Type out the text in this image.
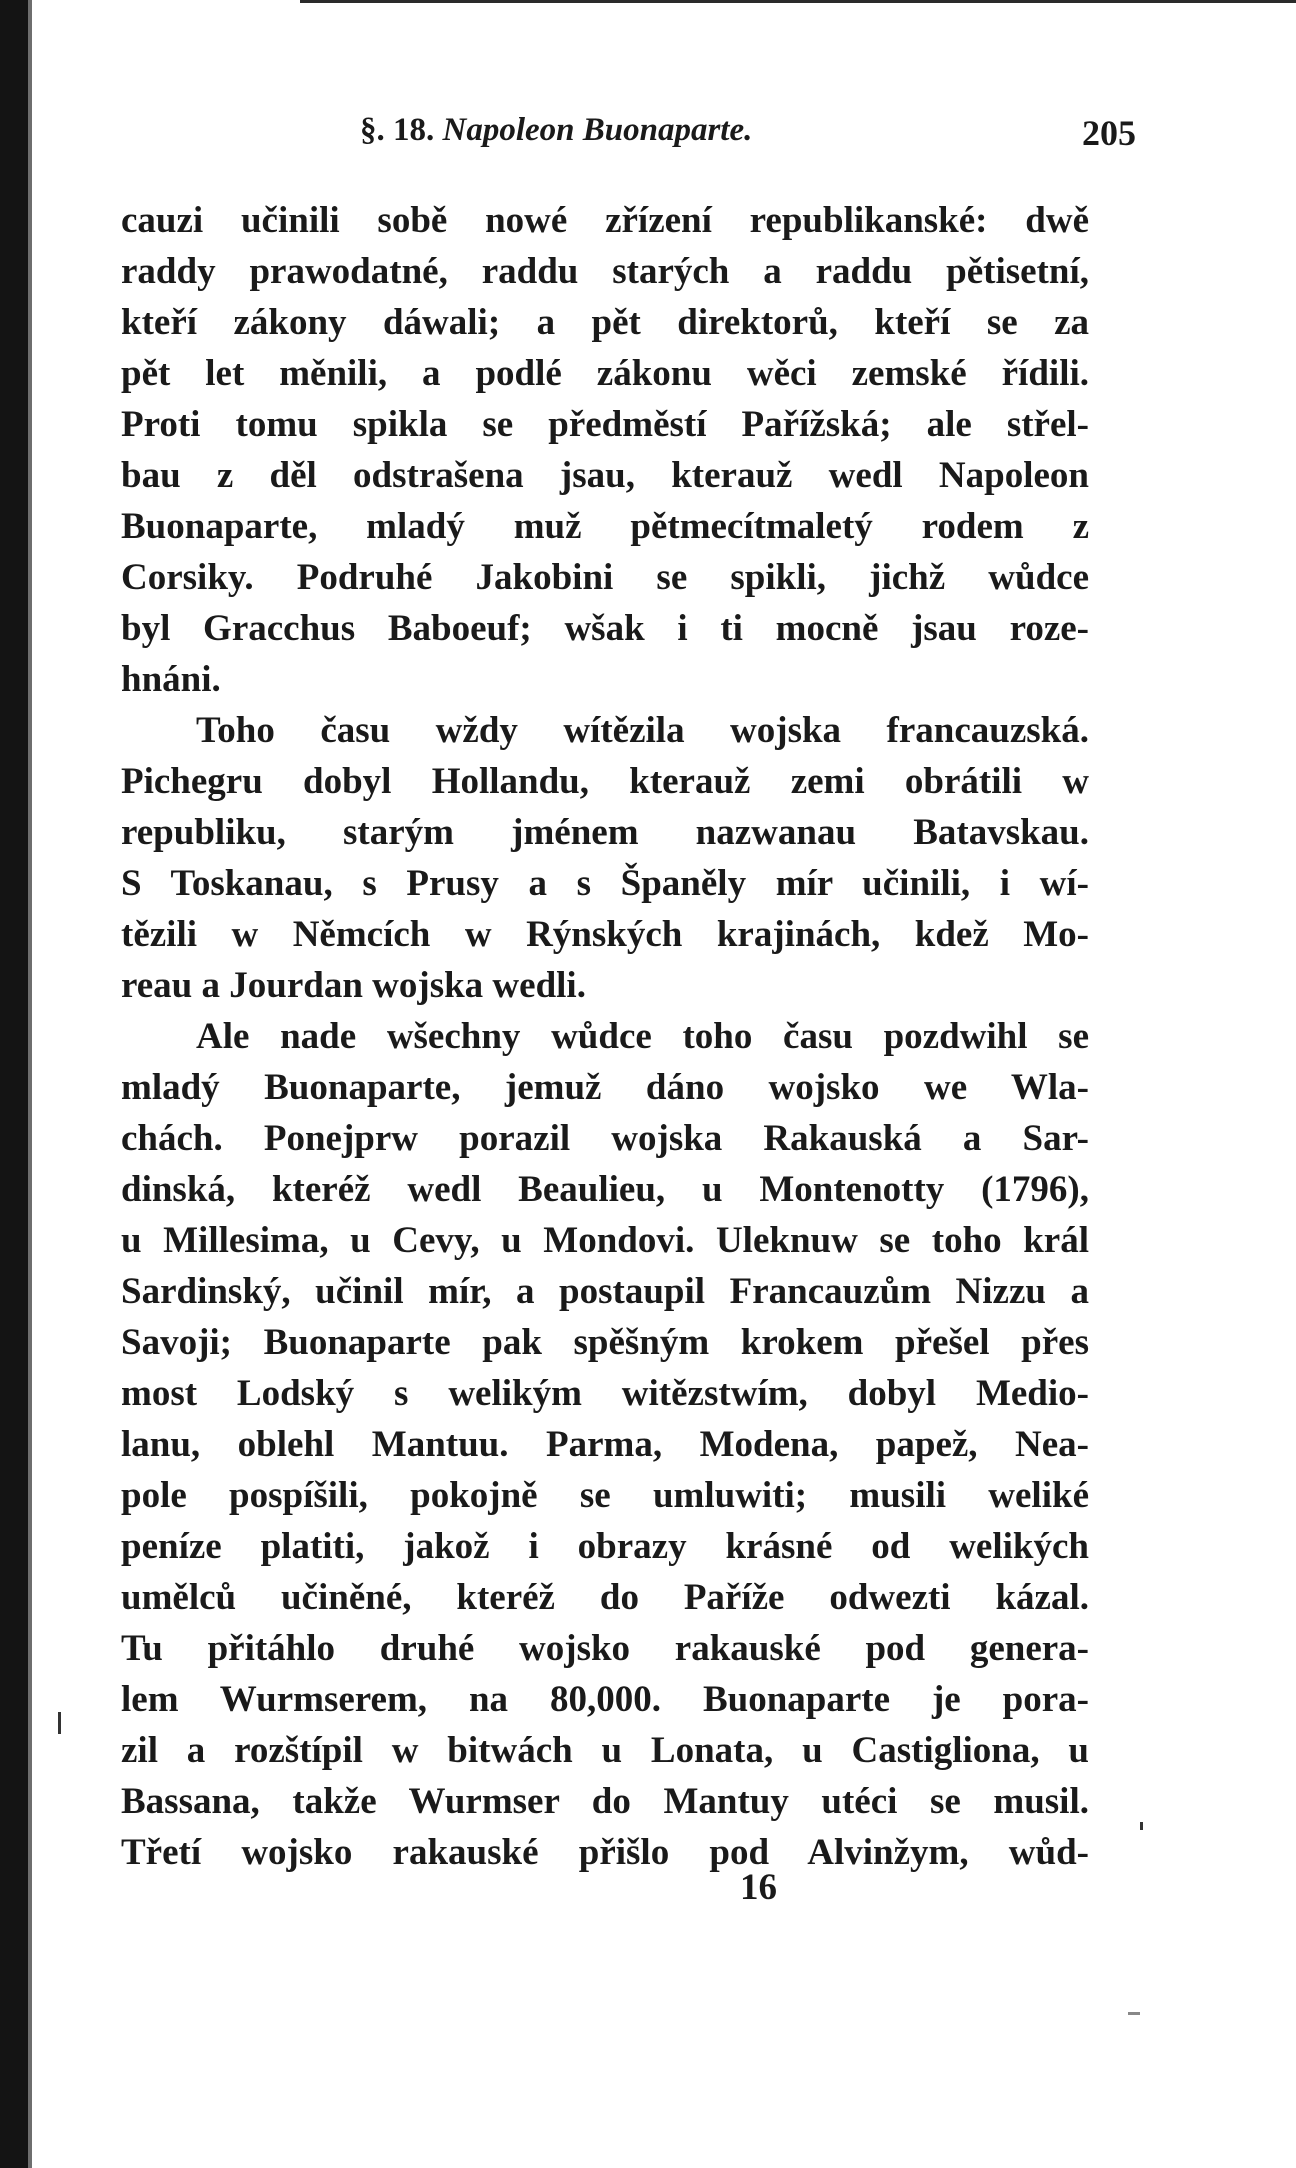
§. 18. Napoleon Buonaparte.	205
cauzi učinili sobě nowé zřízení republikanské: dwě
raddy prawodatné, raddu starých a raddu pětisetní,
kteří zákony dáwali; a pět direktorů, kteří se za
pět let měnili, a podlé zákonu wěci zemské řídili.
Proti tomu spikla se předměstí Pařížská; ale střel-
bau z děl odstrašena jsau, kterauž wedl Napoleon
Buonaparte, mladý muž pětmecítmaletý rodem z
Corsiky. Podruhé Jakobini se spikli, jichž wůdce
byl Gracchus Baboeuf; wšak i ti mocně jsau roze-
hnáni.
Toho času wždy wítězila wojska francauzská.
Pichegru dobyl Hollandu, kterauž zemi obrátili w
republiku, starým jménem nazwanau Batavskau.
S Toskanau, s Prusy a s Španěly mír učinili, i wí-
tězili w Němcích w Rýnských krajinách, kdež Mo-
reau a Jourdan wojska wedli.
Ale nade wšechny wůdce toho času pozdwihl se
mladý Buonaparte, jemuž dáno wojsko we Wla-
chách. Ponejprw porazil wojska Rakauská a Sar-
dinská, kteréž wedl Beaulieu, u Montenotty (1796),
u Millesima, u Cevy, u Mondovi. Uleknuw se toho král
Sardinský, učinil mír, a postaupil Francauzům Nizzu a
Savoji; Buonaparte pak spěšným krokem přešel přes
most Lodský s welikým witězstwím, dobyl Medio-
lanu, oblehl Mantuu. Parma, Modena, papež, Nea-
pole pospíšili, pokojně se umluwiti; musili weliké
peníze platiti, jakož i obrazy krásné od welikých
umělců učiněné, kteréž do Paříže odwezti kázal.
Tu přitáhlo druhé wojsko rakauské pod genera-
lem Wurmserem, na 80,000. Buonaparte je pora-
zil a rozštípil w bitwách u Lonata, u Castigliona, u
Bassana, takže Wurmser do Mantuy utéci se musil.
Třetí wojsko rakauské přišlo pod Alvinžym, wůd-
16
